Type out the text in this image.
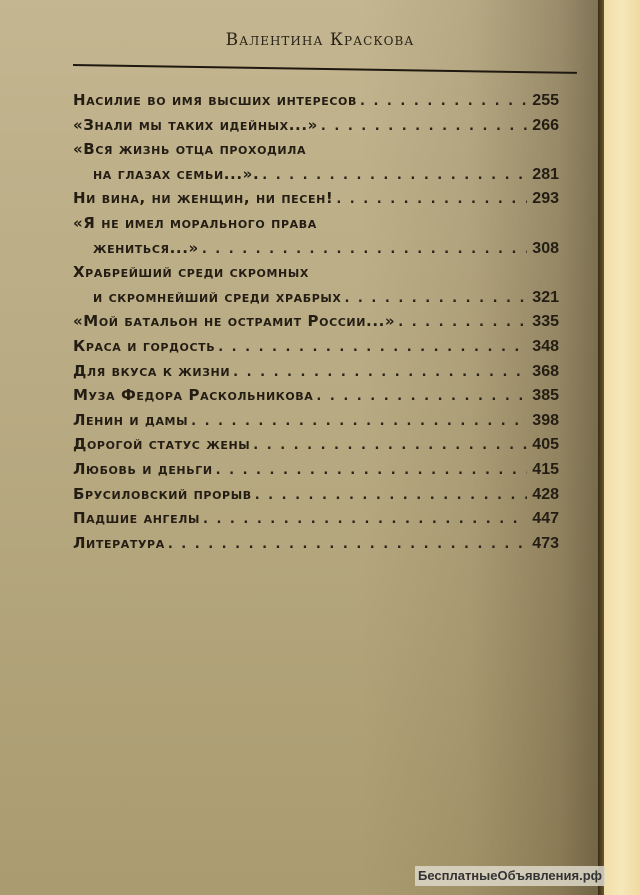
Валентина Краскова
Насилие во имя высших интересов . . .	255
«Знали мы таких идейных...» . . .	266
«Вся жизнь отца проходила
на глазах семьи...». . . .	281
Ни вина, ни женщин, ни песен! . . .	293
«Я не имел морального права
жениться...» . . .	308
Храбрейший среди скромных
и скромнейший среди храбрых . . .	321
«Мой батальон не острамит России...» . . .	335
Краса и гордость . . .	348
Для вкуса к жизни . . .	368
Муза Федора Раскольникова . . .	385
Ленин и дамы . . .	398
Дорогой статус жены . . .	405
Любовь и деньги . . .	415
Брусиловский прорыв . . .	428
Падшие ангелы . . .	447
Литература . . .	473
БесплатныеОбъявления.рф
